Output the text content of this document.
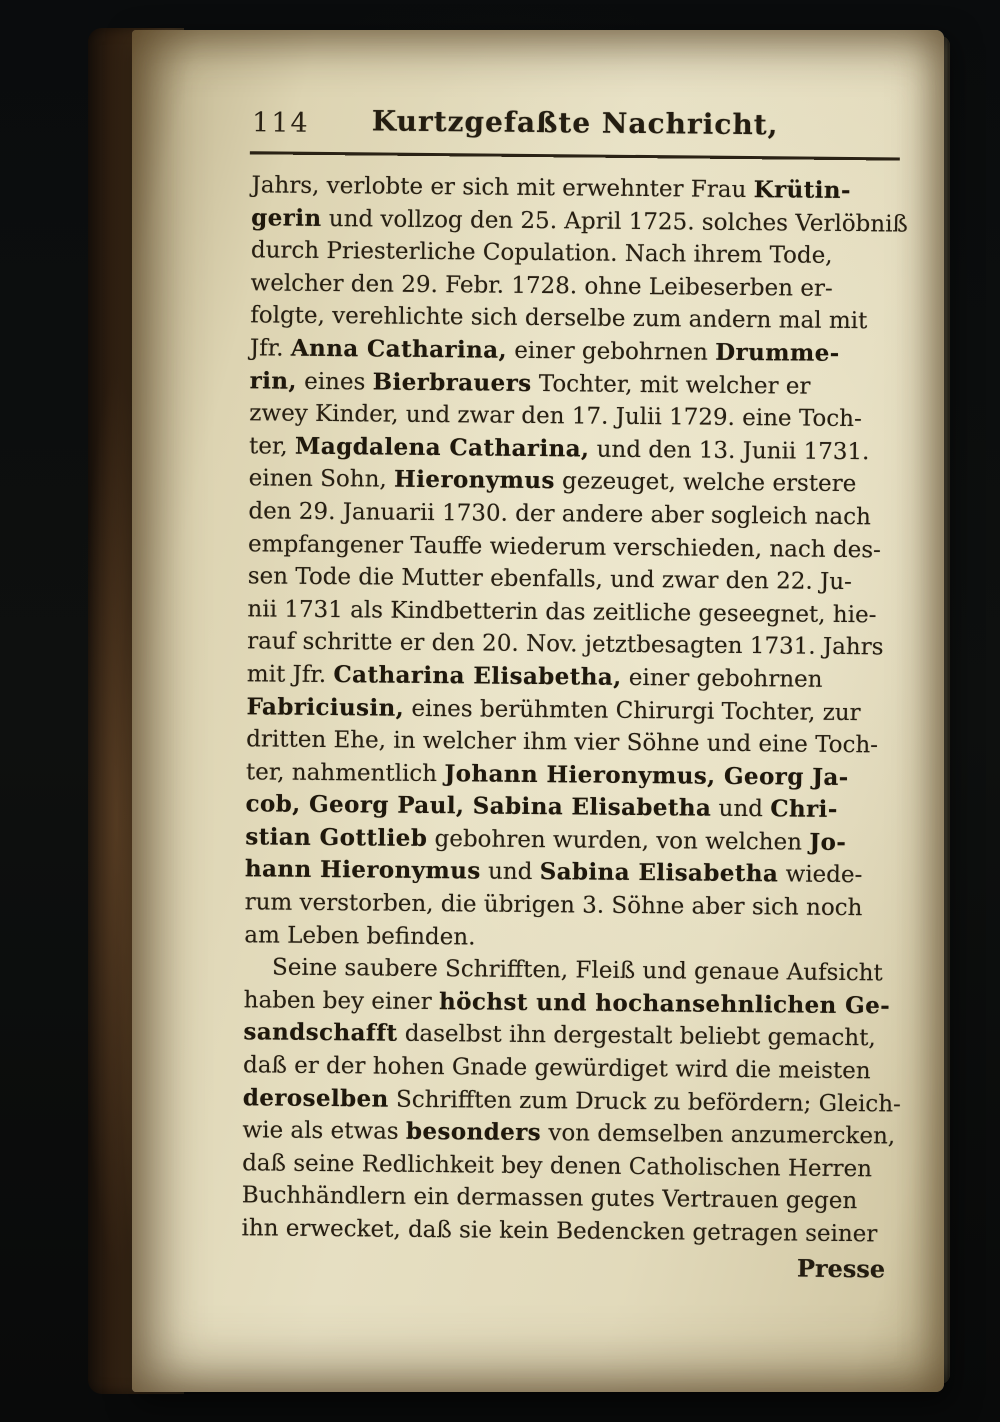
114	Kurtzgefaßte Nachricht,
Jahrs, verlobte er sich mit erwehnter Frau Krütin-
gerin und vollzog den 25. April 1725. solches Verlöbniß
durch Priesterliche Copulation. Nach ihrem Tode,
welcher den 29. Febr. 1728. ohne Leibeserben er-
folgte, verehlichte sich derselbe zum andern mal mit
Jfr. Anna Catharina, einer gebohrnen Drumme-
rin, eines Bierbrauers Tochter, mit welcher er
zwey Kinder, und zwar den 17. Julii 1729. eine Toch-
ter, Magdalena Catharina, und den 13. Junii 1731.
einen Sohn, Hieronymus gezeuget, welche erstere
den 29. Januarii 1730. der andere aber sogleich nach
empfangener Tauffe wiederum verschieden, nach des-
sen Tode die Mutter ebenfalls, und zwar den 22. Ju-
nii 1731 als Kindbetterin das zeitliche geseegnet, hie-
rauf schritte er den 20. Nov. jetztbesagten 1731. Jahrs
mit Jfr. Catharina Elisabetha, einer gebohrnen
Fabriciusin, eines berühmten Chirurgi Tochter, zur
dritten Ehe, in welcher ihm vier Söhne und eine Toch-
ter, nahmentlich Johann Hieronymus, Georg Ja-
cob, Georg Paul, Sabina Elisabetha und Chri-
stian Gottlieb gebohren wurden, von welchen Jo-
hann Hieronymus und Sabina Elisabetha wiede-
rum verstorben, die übrigen 3. Söhne aber sich noch
am Leben befinden.
Seine saubere Schrifften, Fleiß und genaue Aufsicht
haben bey einer höchst und hochansehnlichen Ge-
sandschafft daselbst ihn dergestalt beliebt gemacht,
daß er der hohen Gnade gewürdiget wird die meisten
deroselben Schrifften zum Druck zu befördern; Gleich-
wie als etwas besonders von demselben anzumercken,
daß seine Redlichkeit bey denen Catholischen Herren
Buchhändlern ein dermassen gutes Vertrauen gegen
ihn erwecket, daß sie kein Bedencken getragen seiner
Presse
